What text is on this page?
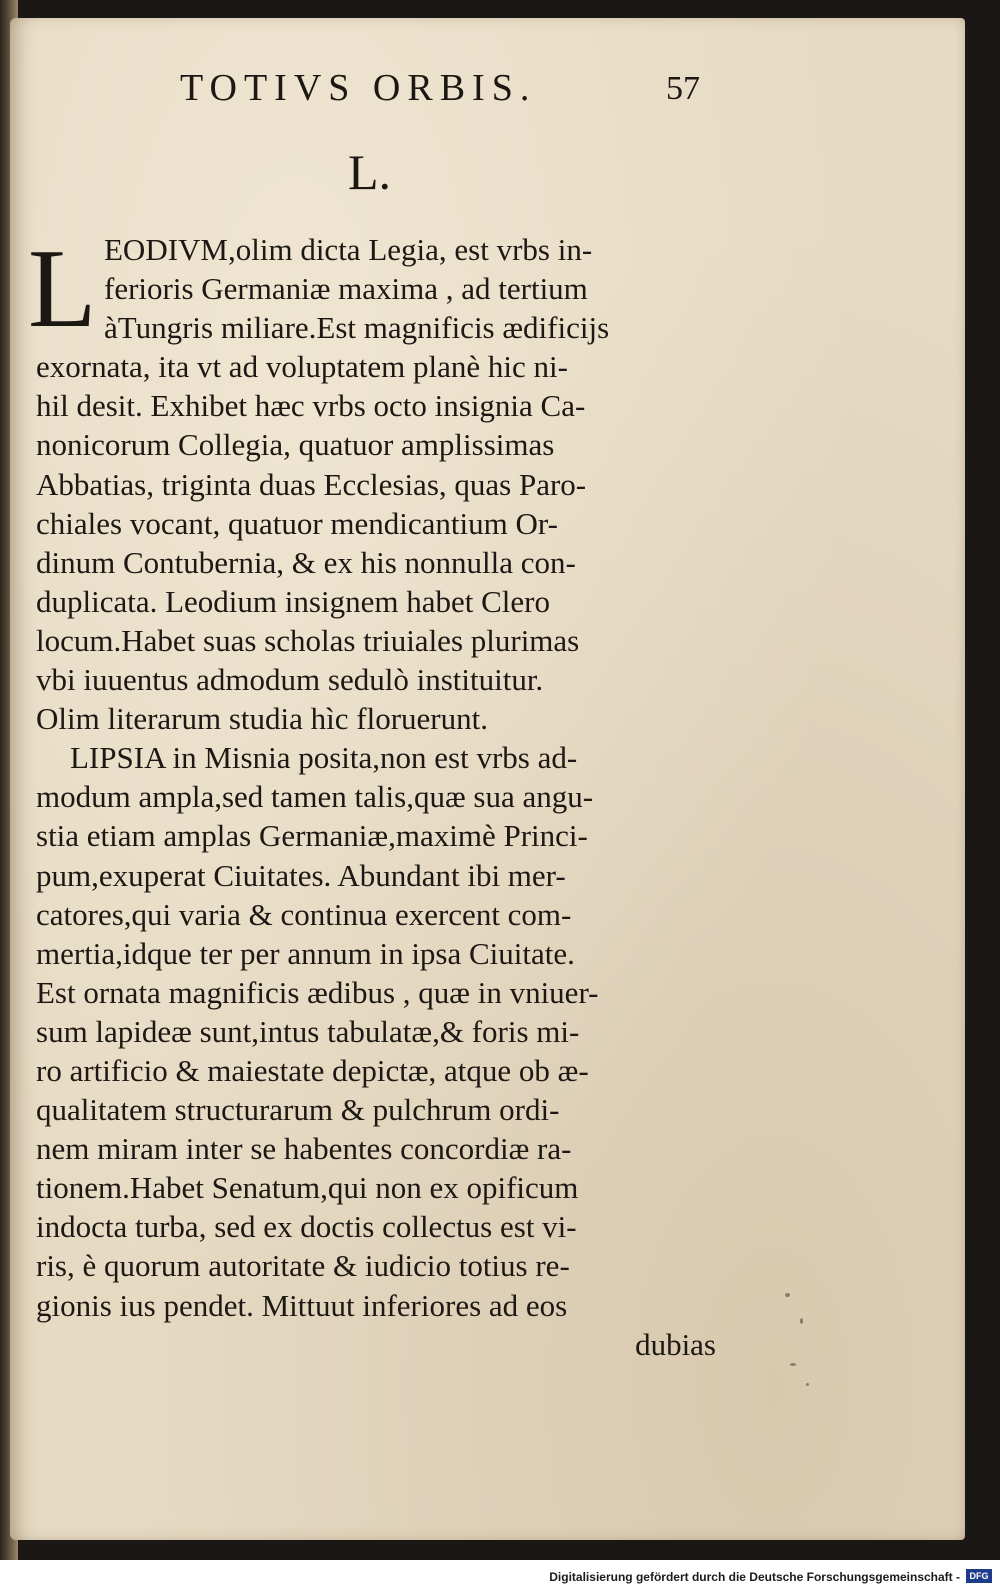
TOTIVS ORBIS.	57
L.
L EODIVM,olim dicta Legia, est vrbs in-
ferioris Germaniæ maxima , ad tertium
àTungris miliare.Est magnificis ædificijs
exornata, ita vt ad voluptatem planè hic ni-
hil desit. Exhibet hæc vrbs octo insignia Ca-
nonicorum Collegia, quatuor amplissimas
Abbatias, triginta duas Ecclesias, quas Paro-
chiales vocant, quatuor mendicantium Or-
dinum Contubernia, & ex his nonnulla con-
duplicata. Leodium insignem habet Clero
locum.Habet suas scholas triuiales plurimas
vbi iuuentus admodum sedulò instituitur.
Olim literarum studia hìc floruerunt.
LIPSIA in Misnia posita,non est vrbs ad-
modum ampla,sed tamen talis,quæ sua angu-
stia etiam amplas Germaniæ,maximè Princi-
pum,exuperat Ciuitates. Abundant ibi mer-
catores,qui varia & continua exercent com-
mertia,idque ter per annum in ipsa Ciuitate.
Est ornata magnificis ædibus , quæ in vniuer-
sum lapideæ sunt,intus tabulatæ,& foris mi-
ro artificio & maiestate depictæ, atque ob æ-
qualitatem structurarum & pulchrum ordi-
nem miram inter se habentes concordiæ ra-
tionem.Habet Senatum,qui non ex opificum
indocta turba, sed ex doctis collectus est vi-
ris, è quorum autoritate & iudicio totius re-
gionis ius pendet. Mittuut inferiores ad eos
dubias
Digitalisierung gefördert durch die Deutsche Forschungsgemeinschaft -	DFG
